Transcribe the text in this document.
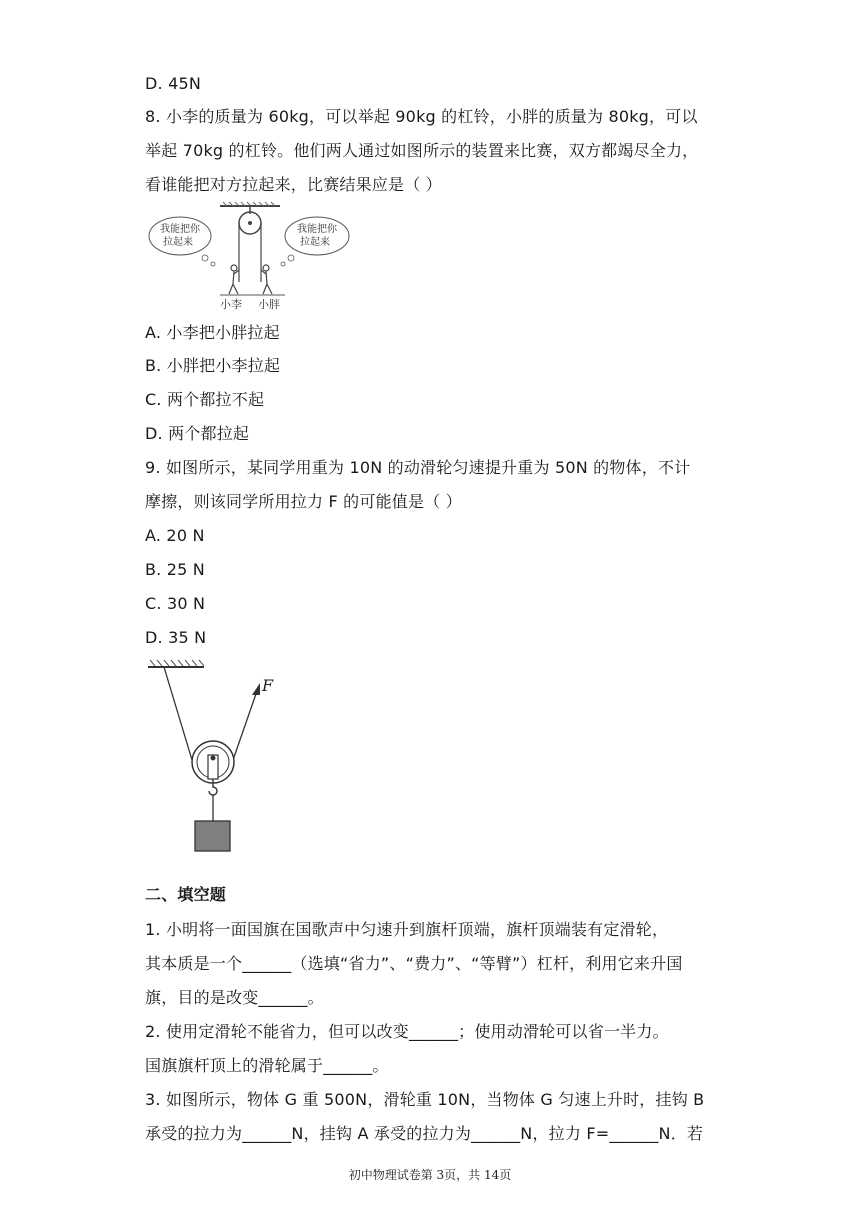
D. 45N
8. 小李的质量为 60kg，可以举起 90kg 的杠铃，小胖的质量为 80kg，可以
举起 70kg 的杠铃。他们两人通过如图所示的装置来比赛，双方都竭尽全力，
看谁能把对方拉起来，比赛结果应是（ ）
我能把你
拉起来
我能把你
拉起来
小李 小胖
A. 小李把小胖拉起
B. 小胖把小李拉起
C. 两个都拉不起
D. 两个都拉起
9. 如图所示，某同学用重为 10N 的动滑轮匀速提升重为 50N 的物体，不计
摩擦，则该同学所用拉力 F 的可能值是（ ）
A. 20 N
B. 25 N
C. 30 N
D. 35 N
F
二、填空题
1. 小明将一面国旗在国歌声中匀速升到旗杆顶端，旗杆顶端装有定滑轮，
其本质是一个______（选填“省力”、“费力”、“等臂”）杠杆，利用它来升国
旗，目的是改变______。
2. 使用定滑轮不能省力，但可以改变______；使用动滑轮可以省一半力。
国旗旗杆顶上的滑轮属于______。
3. 如图所示，物体 G 重 500N，滑轮重 10N，当物体 G 匀速上升时，挂钩 B
承受的拉力为______N，挂钩 A 承受的拉力为______N，拉力 F=______N．若
初中物理试卷第 3页，共 14页
